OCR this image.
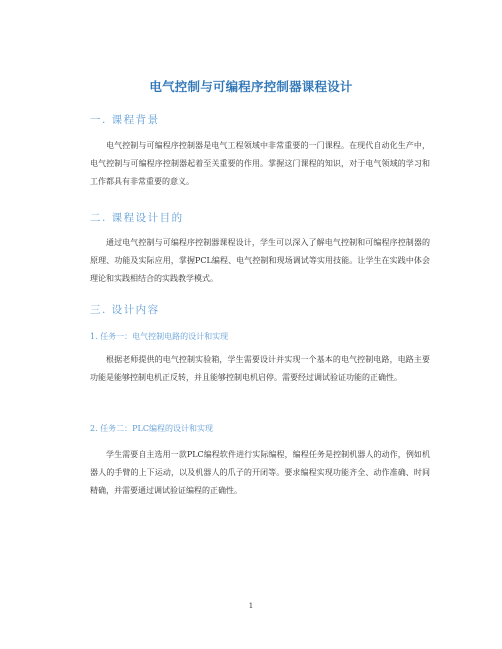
电气控制与可编程序控制器课程设计
一. 课程背景

电气控制与可编程序控制器是电气工程领域中非常重要的一门课程。在现代自动化生产中，电气控制与可编程序控制器起着至关重要的作用。掌握这门课程的知识，对于电气领域的学习和工作都具有非常重要的意义。

二. 课程设计目的

通过电气控制与可编程序控制器课程设计，学生可以深入了解电气控制和可编程序控制器的原理、功能及实际应用，掌握PCL编程、电气控制和现场调试等实用技能。让学生在实践中体会理论和实践相结合的实践教学模式。

三. 设计内容
1. 任务一：电气控制电路的设计和实现

根据老师提供的电气控制实验箱，学生需要设计并实现一个基本的电气控制电路，电路主要功能是能够控制电机正反转，并且能够控制电机启停。需要经过调试验证功能的正确性。

2. 任务二：PLC编程的设计和实现

学生需要自主选用一款PLC编程软件进行实际编程，编程任务是控制机器人的动作，例如机器人的手臂的上下运动，以及机器人的爪子的开闭等。要求编程实现功能齐全、动作准确、时间精确，并需要通过调试验证编程的正确性。

1
